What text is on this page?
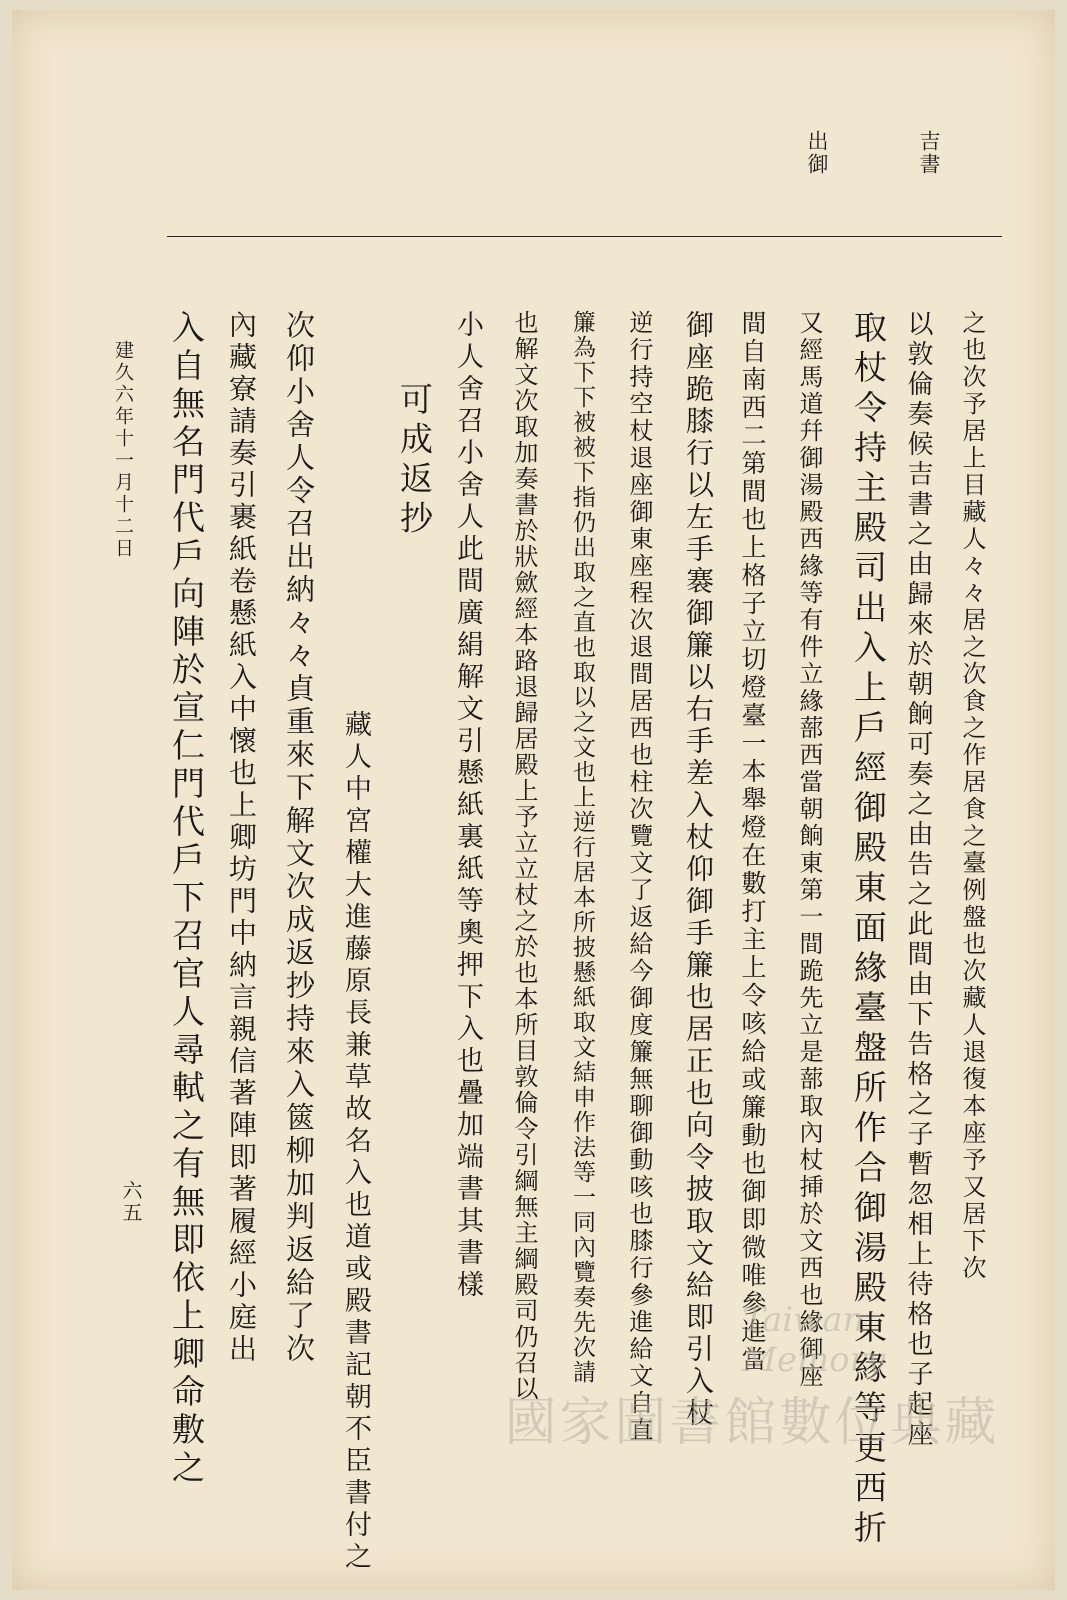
吉書
出御
之也次予居上目藏人々々居之次食之作居食之臺例盤也次藏人退復本座予又居下次
以敦倫奏候吉書之由歸來於朝餉可奏之由告之此間由下告格之子暫忽相上待格也子起座
取杖令持主殿司出入上戶經御殿東面緣臺盤所作合御湯殿東緣等更西折
又經馬道幷御湯殿西緣等有件立緣蔀西當朝餉東第一間跪先立是蔀取內杖挿於文西也緣御座
間自南西二第間也上格子立切燈臺一本舉燈在數打主上令咳給或簾動也御即微唯參進當
御座跪膝行以左手褰御簾以右手差入杖仰御手簾也居正也向令披取文給即引入杖
逆行持空杖退座御東座程次退間居西也柱次覽文了返給今御度簾無聊御動咳也膝行參進給文自直
簾為下下被被下指仍出取之直也取以之文也上逆行居本所披懸紙取文結申作法等一同內覽奏先次請
也解文次取加奏書於狀歛經本路退歸居殿上予立立杖之於也本所目敦倫令引綱無主綱殿司仍召以
小人舍召小舍人此間廣絹解文引懸紙裏紙等奧押下入也疊加端書其書樣
可成返抄
藏人中宮權大進藤原長兼草故名入也道或殿書記朝不臣書付之
次仰小舍人令召出納々々貞重來下解文次成返抄持來入篋柳加判返給了次
內藏寮請奏引裹紙卷懸紙入中懷也上卿坊門中納言親信著陣即著履經小庭出
入自無名門代戶向陣於宣仁門代戶下召官人尋軾之有無即依上卿命敷之
建久六年十一月十二日
六五
Taiwan Memory
國家圖書館數位典藏
